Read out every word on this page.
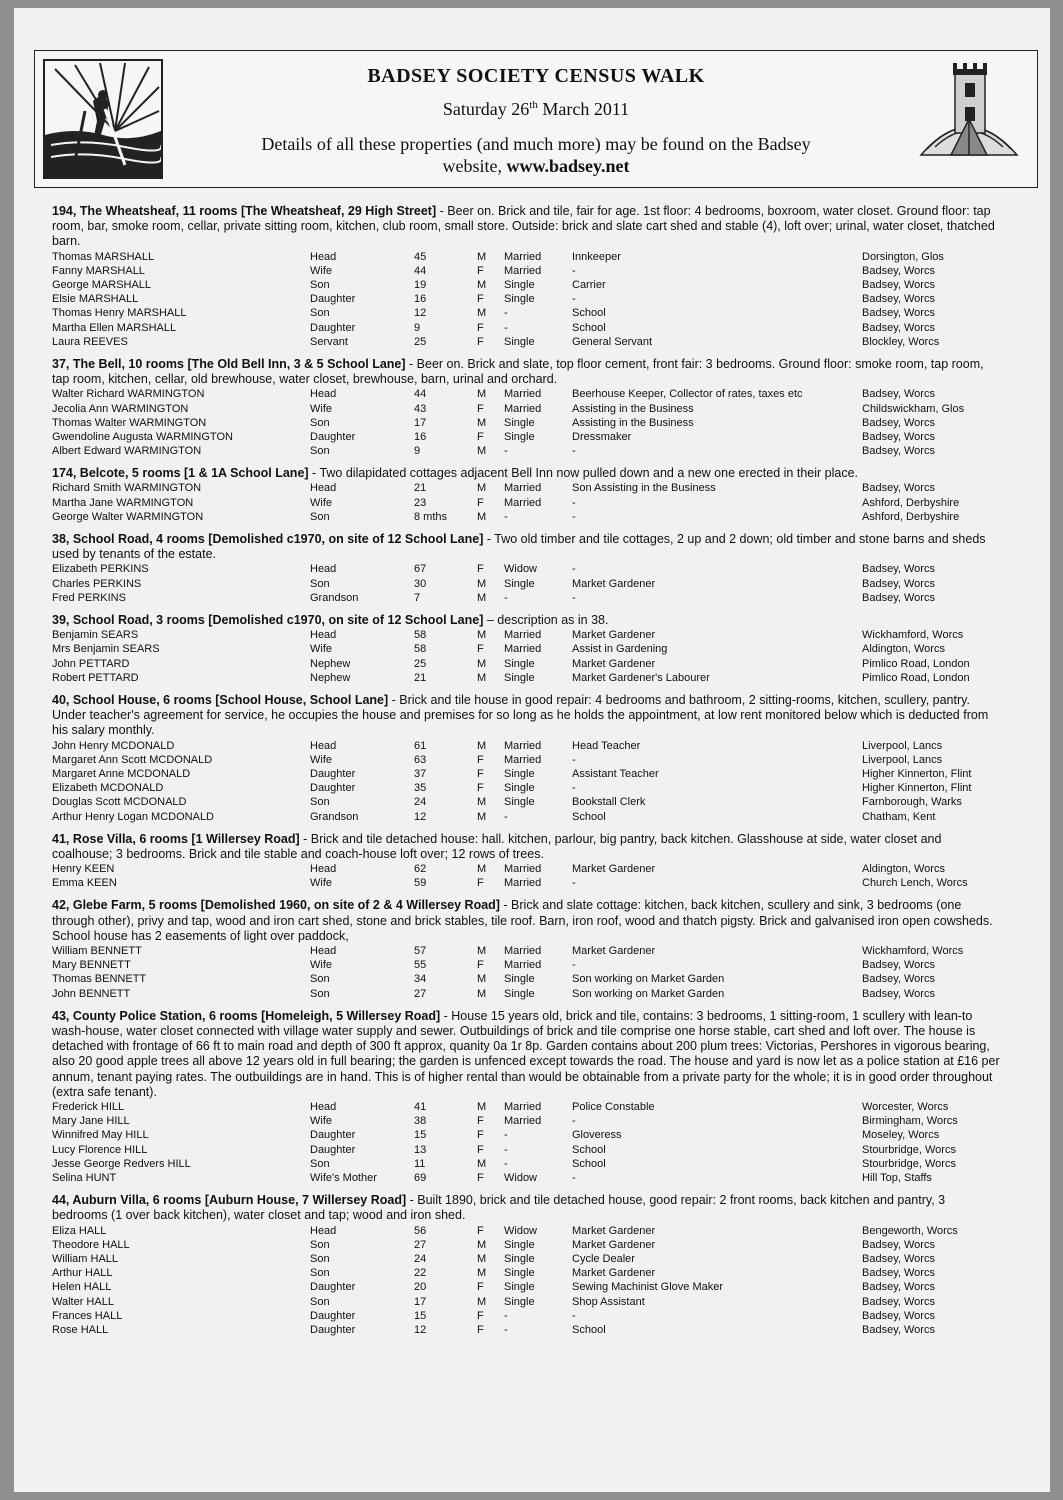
BADSEY SOCIETY CENSUS WALK
Saturday 26th March 2011
Details of all these properties (and much more) may be found on the Badsey
website, www.badsey.net
194, The Wheatsheaf, 11 rooms [The Wheatsheaf, 29 High Street] - Beer on. Brick and tile, fair for age. 1st floor: 4 bedrooms, boxroom, water closet. Ground floor: tap room, bar, smoke room, cellar, private sitting room, kitchen, club room, small store. Outside: brick and slate cart shed and stable (4), loft over; urinal, water closet, thatched barn.
Thomas MARSHALL	Head	45	M Married	Innkeeper	Dorsington, Glos
Fanny MARSHALL	Wife	44	F Married	-	Badsey, Worcs
George MARSHALL	Son	19	M Single	Carrier	Badsey, Worcs
Elsie MARSHALL	Daughter	16	F Single	-	Badsey, Worcs
Thomas Henry MARSHALL	Son	12	M -	School	Badsey, Worcs
Martha Ellen MARSHALL	Daughter	9	F -	School	Badsey, Worcs
Laura REEVES	Servant	25	F Single	General Servant	Blockley, Worcs
37, The Bell, 10 rooms [The Old Bell Inn, 3 & 5 School Lane] - Beer on. Brick and slate, top floor cement, front fair: 3 bedrooms. Ground floor: smoke room, tap room, tap room, kitchen, cellar, old brewhouse, water closet, brewhouse, barn, urinal and orchard.
Walter Richard WARMINGTON	Head	44	M Married	Beerhouse Keeper, Collector of rates, taxes etc	Badsey, Worcs
Jecolia Ann WARMINGTON	Wife	43	F Married	Assisting in the Business	Childswickham, Glos
Thomas Walter WARMINGTON	Son	17	M Single	Assisting in the Business	Badsey, Worcs
Gwendoline Augusta WARMINGTON	Daughter	16	F Single	Dressmaker	Badsey, Worcs
Albert Edward WARMINGTON	Son	9	M -	-	Badsey, Worcs
174, Belcote, 5 rooms [1 & 1A School Lane] - Two dilapidated cottages adjacent Bell Inn now pulled down and a new one erected in their place.
Richard Smith WARMINGTON	Head	21	M Married	Son Assisting in the Business	Badsey, Worcs
Martha Jane WARMINGTON	Wife	23	F Married	-	Ashford, Derbyshire
George Walter WARMINGTON	Son	8 mths	M -	-	Ashford, Derbyshire
38, School Road, 4 rooms [Demolished c1970, on site of 12 School Lane] - Two old timber and tile cottages, 2 up and 2 down; old timber and stone barns and sheds used by tenants of the estate.
Elizabeth PERKINS	Head	67	F Widow	-	Badsey, Worcs
Charles PERKINS	Son	30	M Single	Market Gardener	Badsey, Worcs
Fred PERKINS	Grandson	7	M -	-	Badsey, Worcs
39, School Road, 3 rooms [Demolished c1970, on site of 12 School Lane] – description as in 38.
Benjamin SEARS	Head	58	M Married	Market Gardener	Wickhamford, Worcs
Mrs Benjamin SEARS	Wife	58	F Married	Assist in Gardening	Aldington, Worcs
John PETTARD	Nephew	25	M Single	Market Gardener	Pimlico Road, London
Robert PETTARD	Nephew	21	M Single	Market Gardener's Labourer	Pimlico Road, London
40, School House, 6 rooms [School House, School Lane] - Brick and tile house in good repair: 4 bedrooms and bathroom, 2 sitting-rooms, kitchen, scullery, pantry. Under teacher's agreement for service, he occupies the house and premises for so long as he holds the appointment, at low rent monitored below which is deducted from his salary monthly.
John Henry MCDONALD	Head	61	M Married	Head Teacher	Liverpool, Lancs
Margaret Ann Scott MCDONALD	Wife	63	F Married	-	Liverpool, Lancs
Margaret Anne MCDONALD	Daughter	37	F Single	Assistant Teacher	Higher Kinnerton, Flint
Elizabeth MCDONALD	Daughter	35	F Single	-	Higher Kinnerton, Flint
Douglas Scott MCDONALD	Son	24	M Single	Bookstall Clerk	Farnborough, Warks
Arthur Henry Logan MCDONALD	Grandson	12	M -	School	Chatham, Kent
41, Rose Villa, 6 rooms [1 Willersey Road] - Brick and tile detached house: hall. kitchen, parlour, big pantry, back kitchen. Glasshouse at side, water closet and coalhouse; 3 bedrooms. Brick and tile stable and coach-house loft over; 12 rows of trees.
Henry KEEN	Head	62	M Married	Market Gardener	Aldington, Worcs
Emma KEEN	Wife	59	F Married	-	Church Lench, Worcs
42, Glebe Farm, 5 rooms [Demolished 1960, on site of 2 & 4 Willersey Road] - Brick and slate cottage: kitchen, back kitchen, scullery and sink, 3 bedrooms (one through other), privy and tap, wood and iron cart shed, stone and brick stables, tile roof. Barn, iron roof, wood and thatch pigsty. Brick and galvanised iron open cowsheds. School house has 2 easements of light over paddock,
William BENNETT	Head	57	M Married	Market Gardener	Wickhamford, Worcs
Mary BENNETT	Wife	55	F Married	-	Badsey, Worcs
Thomas BENNETT	Son	34	M Single	Son working on Market Garden	Badsey, Worcs
John BENNETT	Son	27	M Single	Son working on Market Garden	Badsey, Worcs
43, County Police Station, 6 rooms [Homeleigh, 5 Willersey Road] - House 15 years old, brick and tile, contains: 3 bedrooms, 1 sitting-room, 1 scullery with lean-to wash-house, water closet connected with village water supply and sewer. Outbuildings of brick and tile comprise one horse stable, cart shed and loft over. The house is detached with frontage of 66 ft to main road and depth of 300 ft approx, quanity 0a 1r 8p. Garden contains about 200 plum trees: Victorias, Pershores in vigorous bearing, also 20 good apple trees all above 12 years old in full bearing; the garden is unfenced except towards the road. The house and yard is now let as a police station at £16 per annum, tenant paying rates. The outbuildings are in hand. This is of higher rental than would be obtainable from a private party for the whole; it is in good order throughout (extra safe tenant).
Frederick HILL	Head	41	M Married	Police Constable	Worcester, Worcs
Mary Jane HILL	Wife	38	F Married	-	Birmingham, Worcs
Winnifred May HILL	Daughter	15	F -	Gloveress	Moseley, Worcs
Lucy Florence HILL	Daughter	13	F -	School	Stourbridge, Worcs
Jesse George Redvers HILL	Son	11	M -	School	Stourbridge, Worcs
Selina HUNT	Wife's Mother	69	F Widow	-	Hill Top, Staffs
44, Auburn Villa, 6 rooms [Auburn House, 7 Willersey Road] - Built 1890, brick and tile detached house, good repair: 2 front rooms, back kitchen and pantry, 3 bedrooms (1 over back kitchen), water closet and tap; wood and iron shed.
Eliza HALL	Head	56	F Widow	Market Gardener	Bengeworth, Worcs
Theodore HALL	Son	27	M Single	Market Gardener	Badsey, Worcs
William HALL	Son	24	M Single	Cycle Dealer	Badsey, Worcs
Arthur HALL	Son	22	M Single	Market Gardener	Badsey, Worcs
Helen HALL	Daughter	20	F Single	Sewing Machinist Glove Maker	Badsey, Worcs
Walter HALL	Son	17	M Single	Shop Assistant	Badsey, Worcs
Frances HALL	Daughter	15	F -	-	Badsey, Worcs
Rose HALL	Daughter	12	F -	School	Badsey, Worcs
